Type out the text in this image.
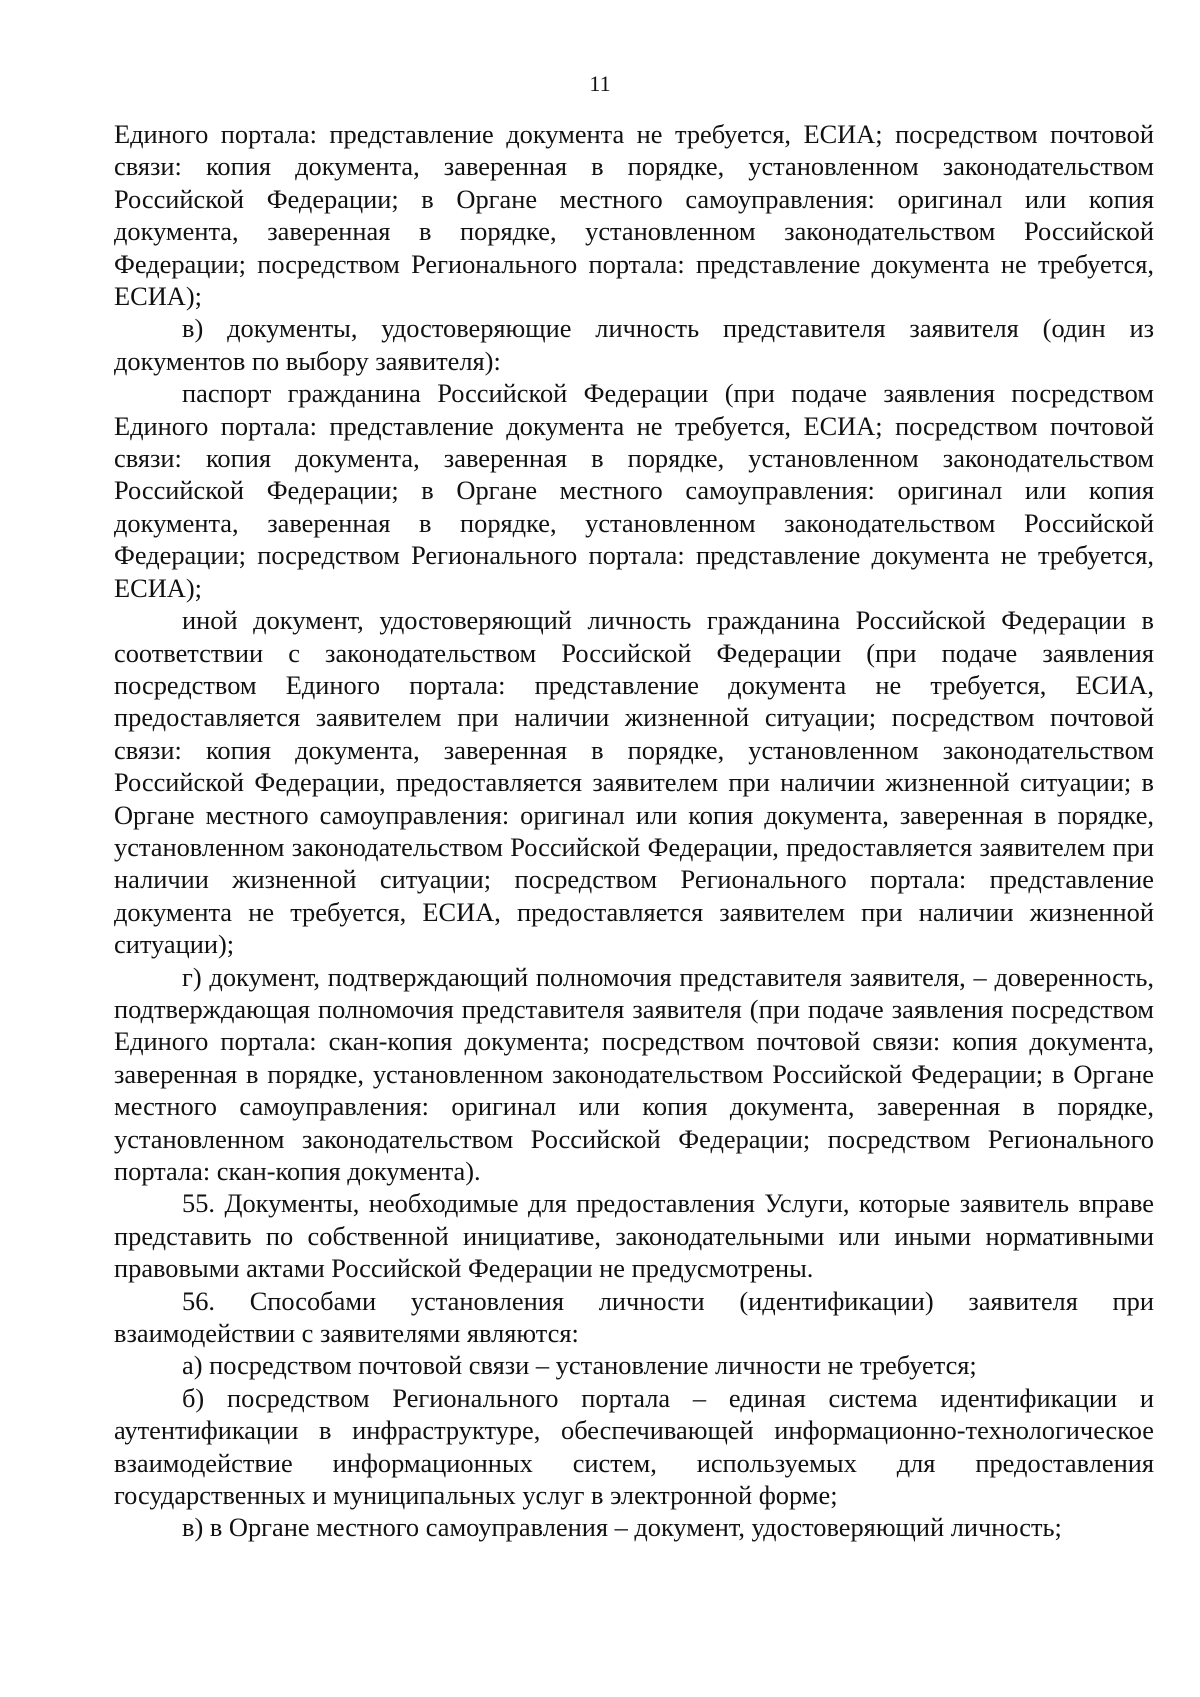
11

Единого портала: представление документа не требуется, ЕСИА; посредством почтовой связи: копия документа, заверенная в порядке, установленном законодательством Российской Федерации; в Органе местного самоуправления: оригинал или копия документа, заверенная в порядке, установленном законодательством Российской Федерации; посредством Регионального портала: представление документа не требуется, ЕСИА);

в) документы, удостоверяющие личность представителя заявителя (один из документов по выбору заявителя):

паспорт гражданина Российской Федерации (при подаче заявления посредством Единого портала: представление документа не требуется, ЕСИА; посредством почтовой связи: копия документа, заверенная в порядке, установленном законодательством Российской Федерации; в Органе местного самоуправления: оригинал или копия документа, заверенная в порядке, установленном законодательством Российской Федерации; посредством Регионального портала: представление документа не требуется, ЕСИА);

иной документ, удостоверяющий личность гражданина Российской Федерации в соответствии с законодательством Российской Федерации (при подаче заявления посредством Единого портала: представление документа не требуется, ЕСИА, предоставляется заявителем при наличии жизненной ситуации; посредством почтовой связи: копия документа, заверенная в порядке, установленном законодательством Российской Федерации, предоставляется заявителем при наличии жизненной ситуации; в Органе местного самоуправления: оригинал или копия документа, заверенная в порядке, установленном законодательством Российской Федерации, предоставляется заявителем при наличии жизненной ситуации; посредством Регионального портала: представление документа не требуется, ЕСИА, предоставляется заявителем при наличии жизненной ситуации);

г) документ, подтверждающий полномочия представителя заявителя, – доверенность, подтверждающая полномочия представителя заявителя (при подаче заявления посредством Единого портала: скан-копия документа; посредством почтовой связи: копия документа, заверенная в порядке, установленном законодательством Российской Федерации; в Органе местного самоуправления: оригинал или копия документа, заверенная в порядке, установленном законодательством Российской Федерации; посредством Регионального портала: скан-копия документа).

55. Документы, необходимые для предоставления Услуги, которые заявитель вправе представить по собственной инициативе, законодательными или иными нормативными правовыми актами Российской Федерации не предусмотрены.

56. Способами установления личности (идентификации) заявителя при взаимодействии с заявителями являются:

а) посредством почтовой связи – установление личности не требуется;

б) посредством Регионального портала – единая система идентификации и аутентификации в инфраструктуре, обеспечивающей информационно-технологическое взаимодействие информационных систем, используемых для предоставления государственных и муниципальных услуг в электронной форме;

в) в Органе местного самоуправления – документ, удостоверяющий личность;
